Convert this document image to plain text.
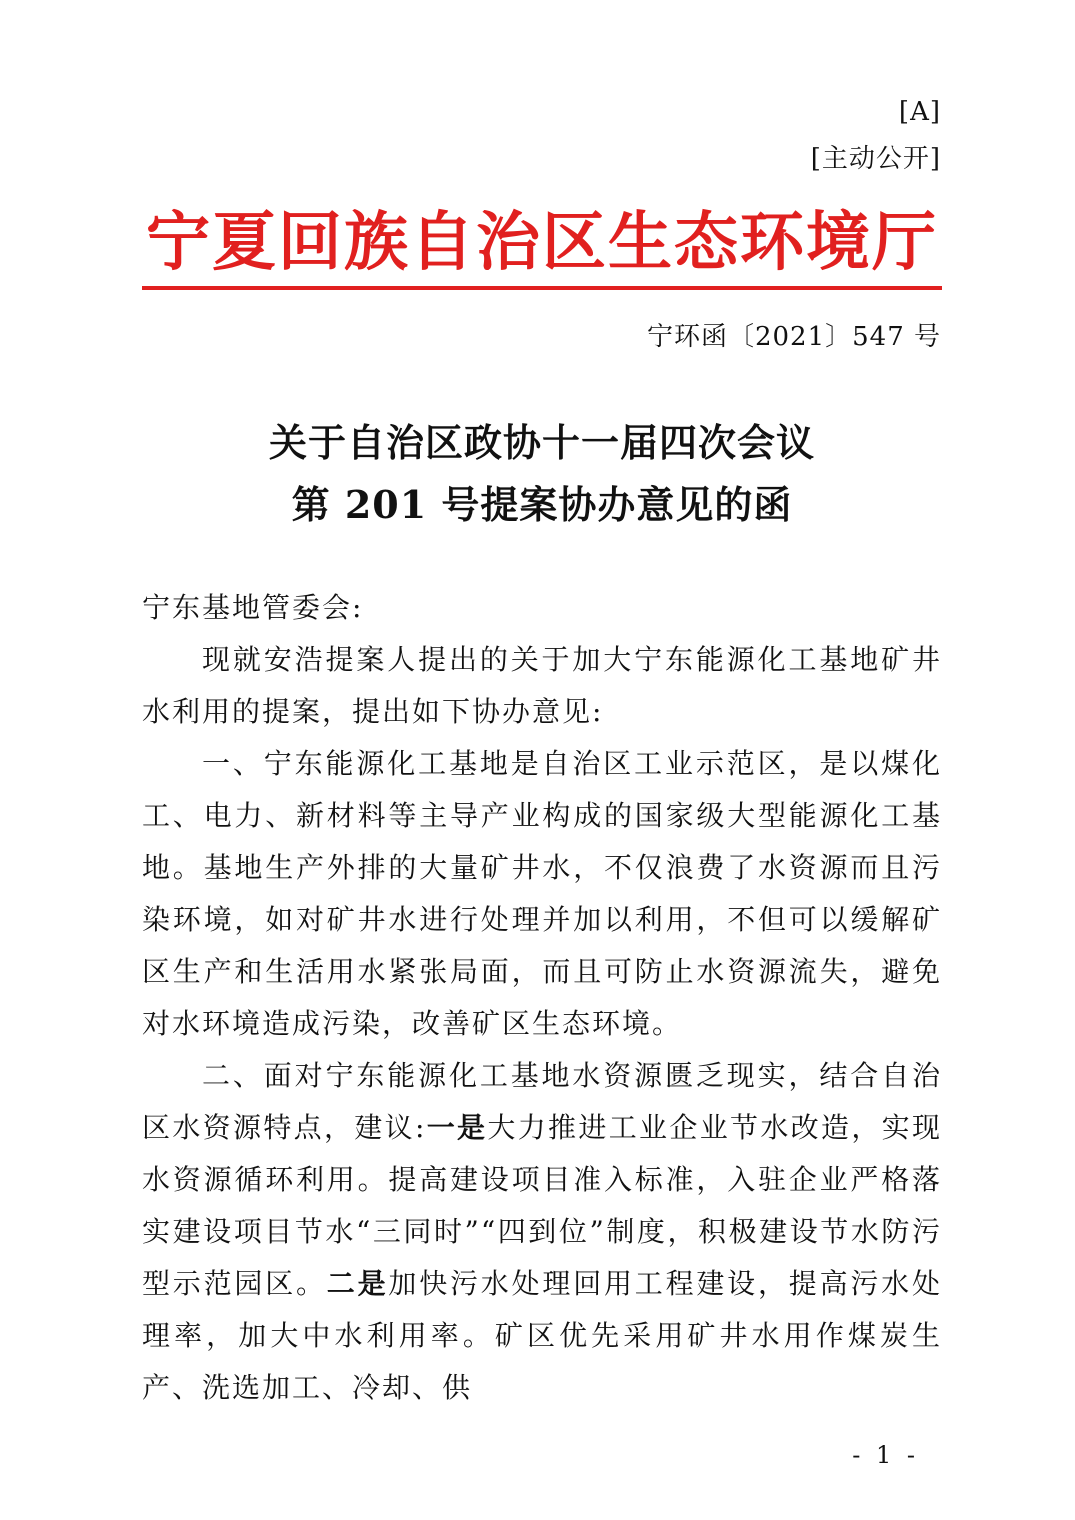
[A]
[主动公开]
宁夏回族自治区生态环境厅
宁环函〔2021〕547 号
关于自治区政协十一届四次会议
第 201 号提案协办意见的函

宁东基地管委会:

现就安浩提案人提出的关于加大宁东能源化工基地矿井水利用的提案，提出如下协办意见:

一、宁东能源化工基地是自治区工业示范区，是以煤化工、电力、新材料等主导产业构成的国家级大型能源化工基地。基地生产外排的大量矿井水，不仅浪费了水资源而且污染环境，如对矿井水进行处理并加以利用，不但可以缓解矿区生产和生活用水紧张局面，而且可防止水资源流失，避免对水环境造成污染，改善矿区生态环境。

二、面对宁东能源化工基地水资源匮乏现实，结合自治区水资源特点，建议:一是大力推进工业企业节水改造，实现水资源循环利用。提高建设项目准入标准，入驻企业严格落实建设项目节水“三同时”“四到位”制度，积极建设节水防污型示范园区。二是加快污水处理回用工程建设，提高污水处理率，加大中水利用率。矿区优先采用矿井水用作煤炭生产、洗选加工、冷却、供

- 1 -
